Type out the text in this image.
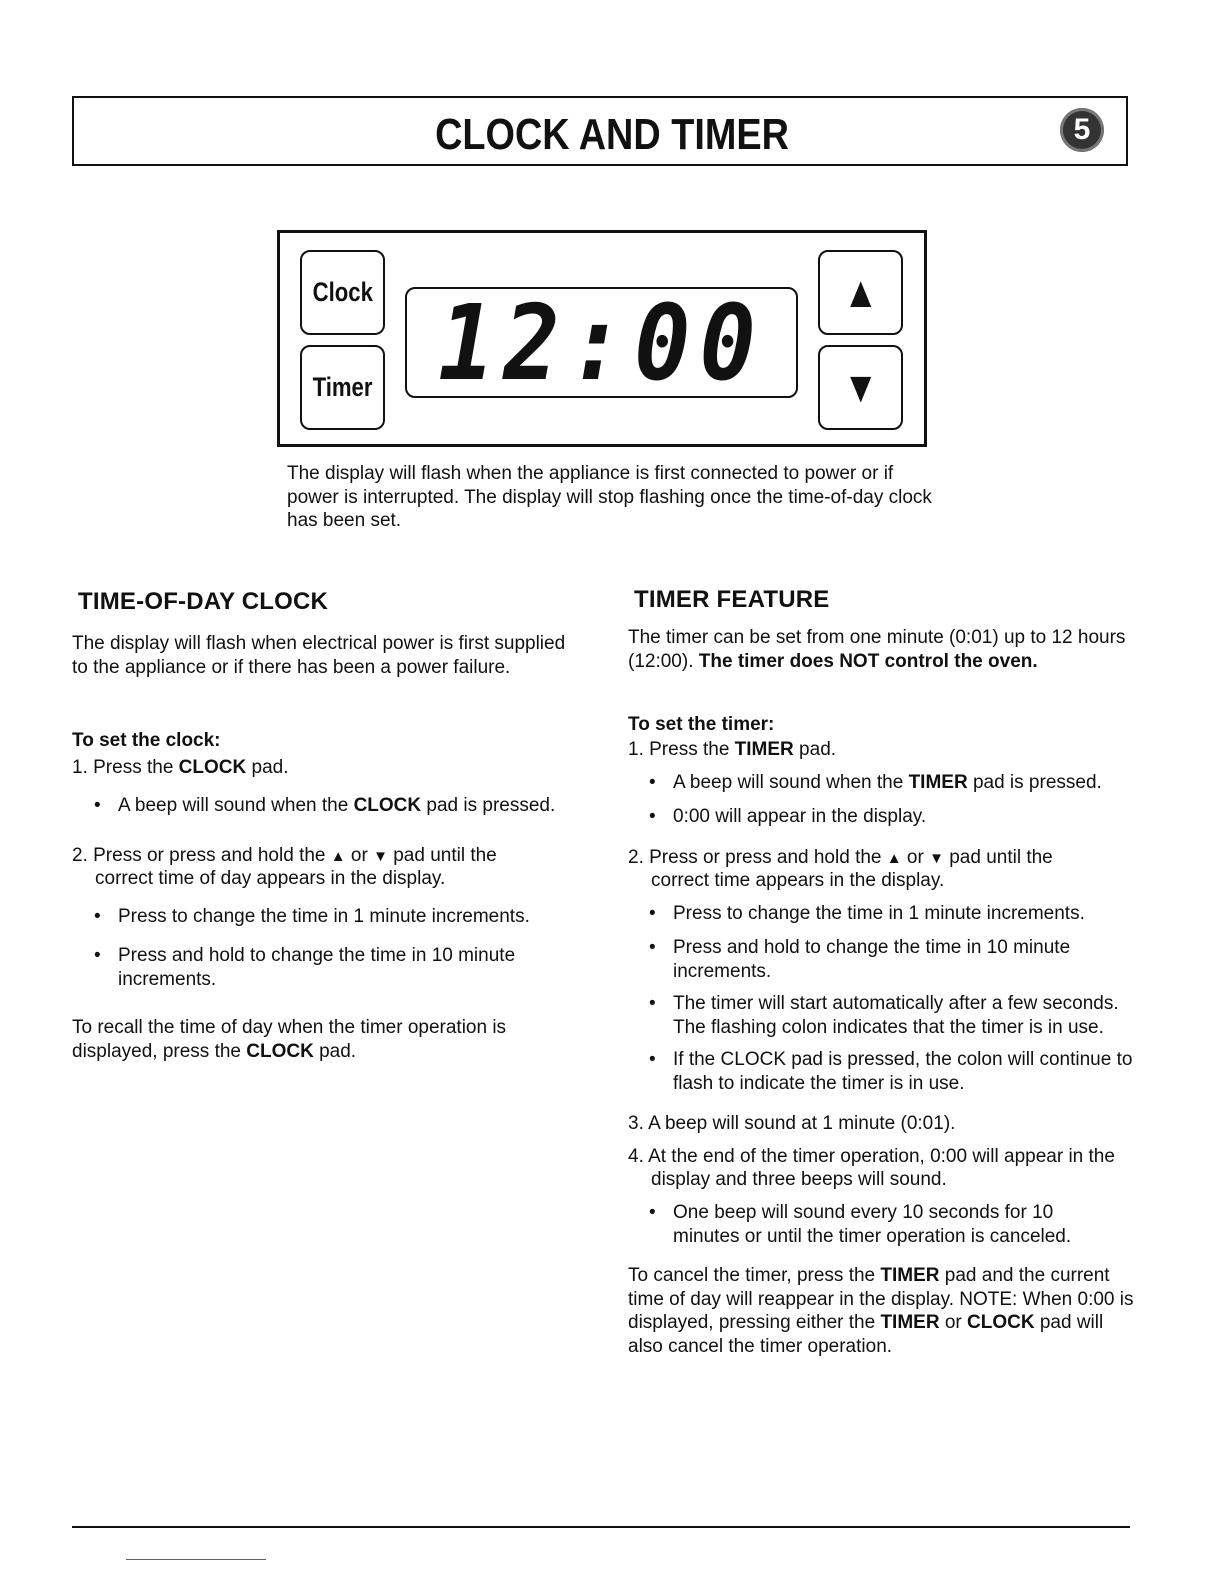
CLOCK AND TIMER	5
Clock
Timer 12:00	▲
▼
The display will flash when the appliance is first connected to power or if power is interrupted. The display will stop flashing once the time-of-day clock has been set.
TIME-OF-DAY CLOCK
The display will flash when electrical power is first supplied to the appliance or if there has been a power failure.
To set the clock:
1. Press the CLOCK pad.
• A beep will sound when the CLOCK pad is pressed.
2. Press or press and hold the ▲ or ▼ pad until the
correct time of day appears in the display.
• Press to change the time in 1 minute increments.
• Press and hold to change the time in 10 minute increments.
To recall the time of day when the timer operation is displayed, press the CLOCK pad.
TIMER FEATURE
The timer can be set from one minute (0:01) up to 12 hours (12:00). The timer does NOT control the oven.
To set the timer:
1. Press the TIMER pad.
• A beep will sound when the TIMER pad is pressed.
• 0:00 will appear in the display.
2. Press or press and hold the ▲ or ▼ pad until the
correct time appears in the display.
• Press to change the time in 1 minute increments.
• Press and hold to change the time in 10 minute increments.
• The timer will start automatically after a few seconds. The flashing colon indicates that the timer is in use.
• If the CLOCK pad is pressed, the colon will continue to flash to indicate the timer is in use.
3. A beep will sound at 1 minute (0:01).
4. At the end of the timer operation, 0:00 will appear in the
display and three beeps will sound.
• One beep will sound every 10 seconds for 10 minutes or until the timer operation is canceled.
To cancel the timer, press the TIMER pad and the current time of day will reappear in the display. NOTE: When 0:00 is displayed, pressing either the TIMER or CLOCK pad will also cancel the timer operation.
